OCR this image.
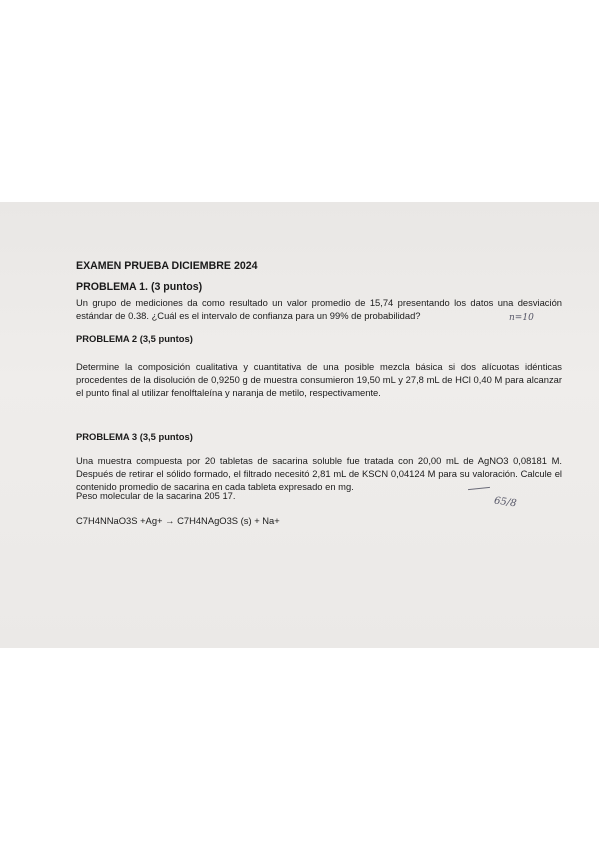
EXAMEN PRUEBA DICIEMBRE 2024
PROBLEMA 1. (3 puntos)
Un grupo de mediciones da como resultado un valor promedio de 15,74 presentando los datos una desviación estándar de 0.38. ¿Cuál es el intervalo de confianza para un 99% de probabilidad?	n=10
PROBLEMA 2 (3,5 puntos)
Determine la composición cualitativa y cuantitativa de una posible mezcla básica si dos alícuotas idénticas procedentes de la disolución de 0,9250 g de muestra consumieron 19,50 mL y 27,8 mL de HCl 0,40 M para alcanzar el punto final al utilizar fenolftaleína y naranja de metilo, respectivamente.
PROBLEMA 3 (3,5 puntos)
Una muestra compuesta por 20 tabletas de sacarina soluble fue tratada con 20,00 mL de AgNO3 0,08181 M. Después de retirar el sólido formado, el filtrado necesitó 2,81 mL de KSCN 0,04124 M para su valoración. Calcule el contenido promedio de sacarina en cada tableta expresado en mg.
Peso molecular de la sacarina 205 17.	65/8
C7H4NNaO3S +Ag+ → C7H4NAgO3S (s) + Na+
